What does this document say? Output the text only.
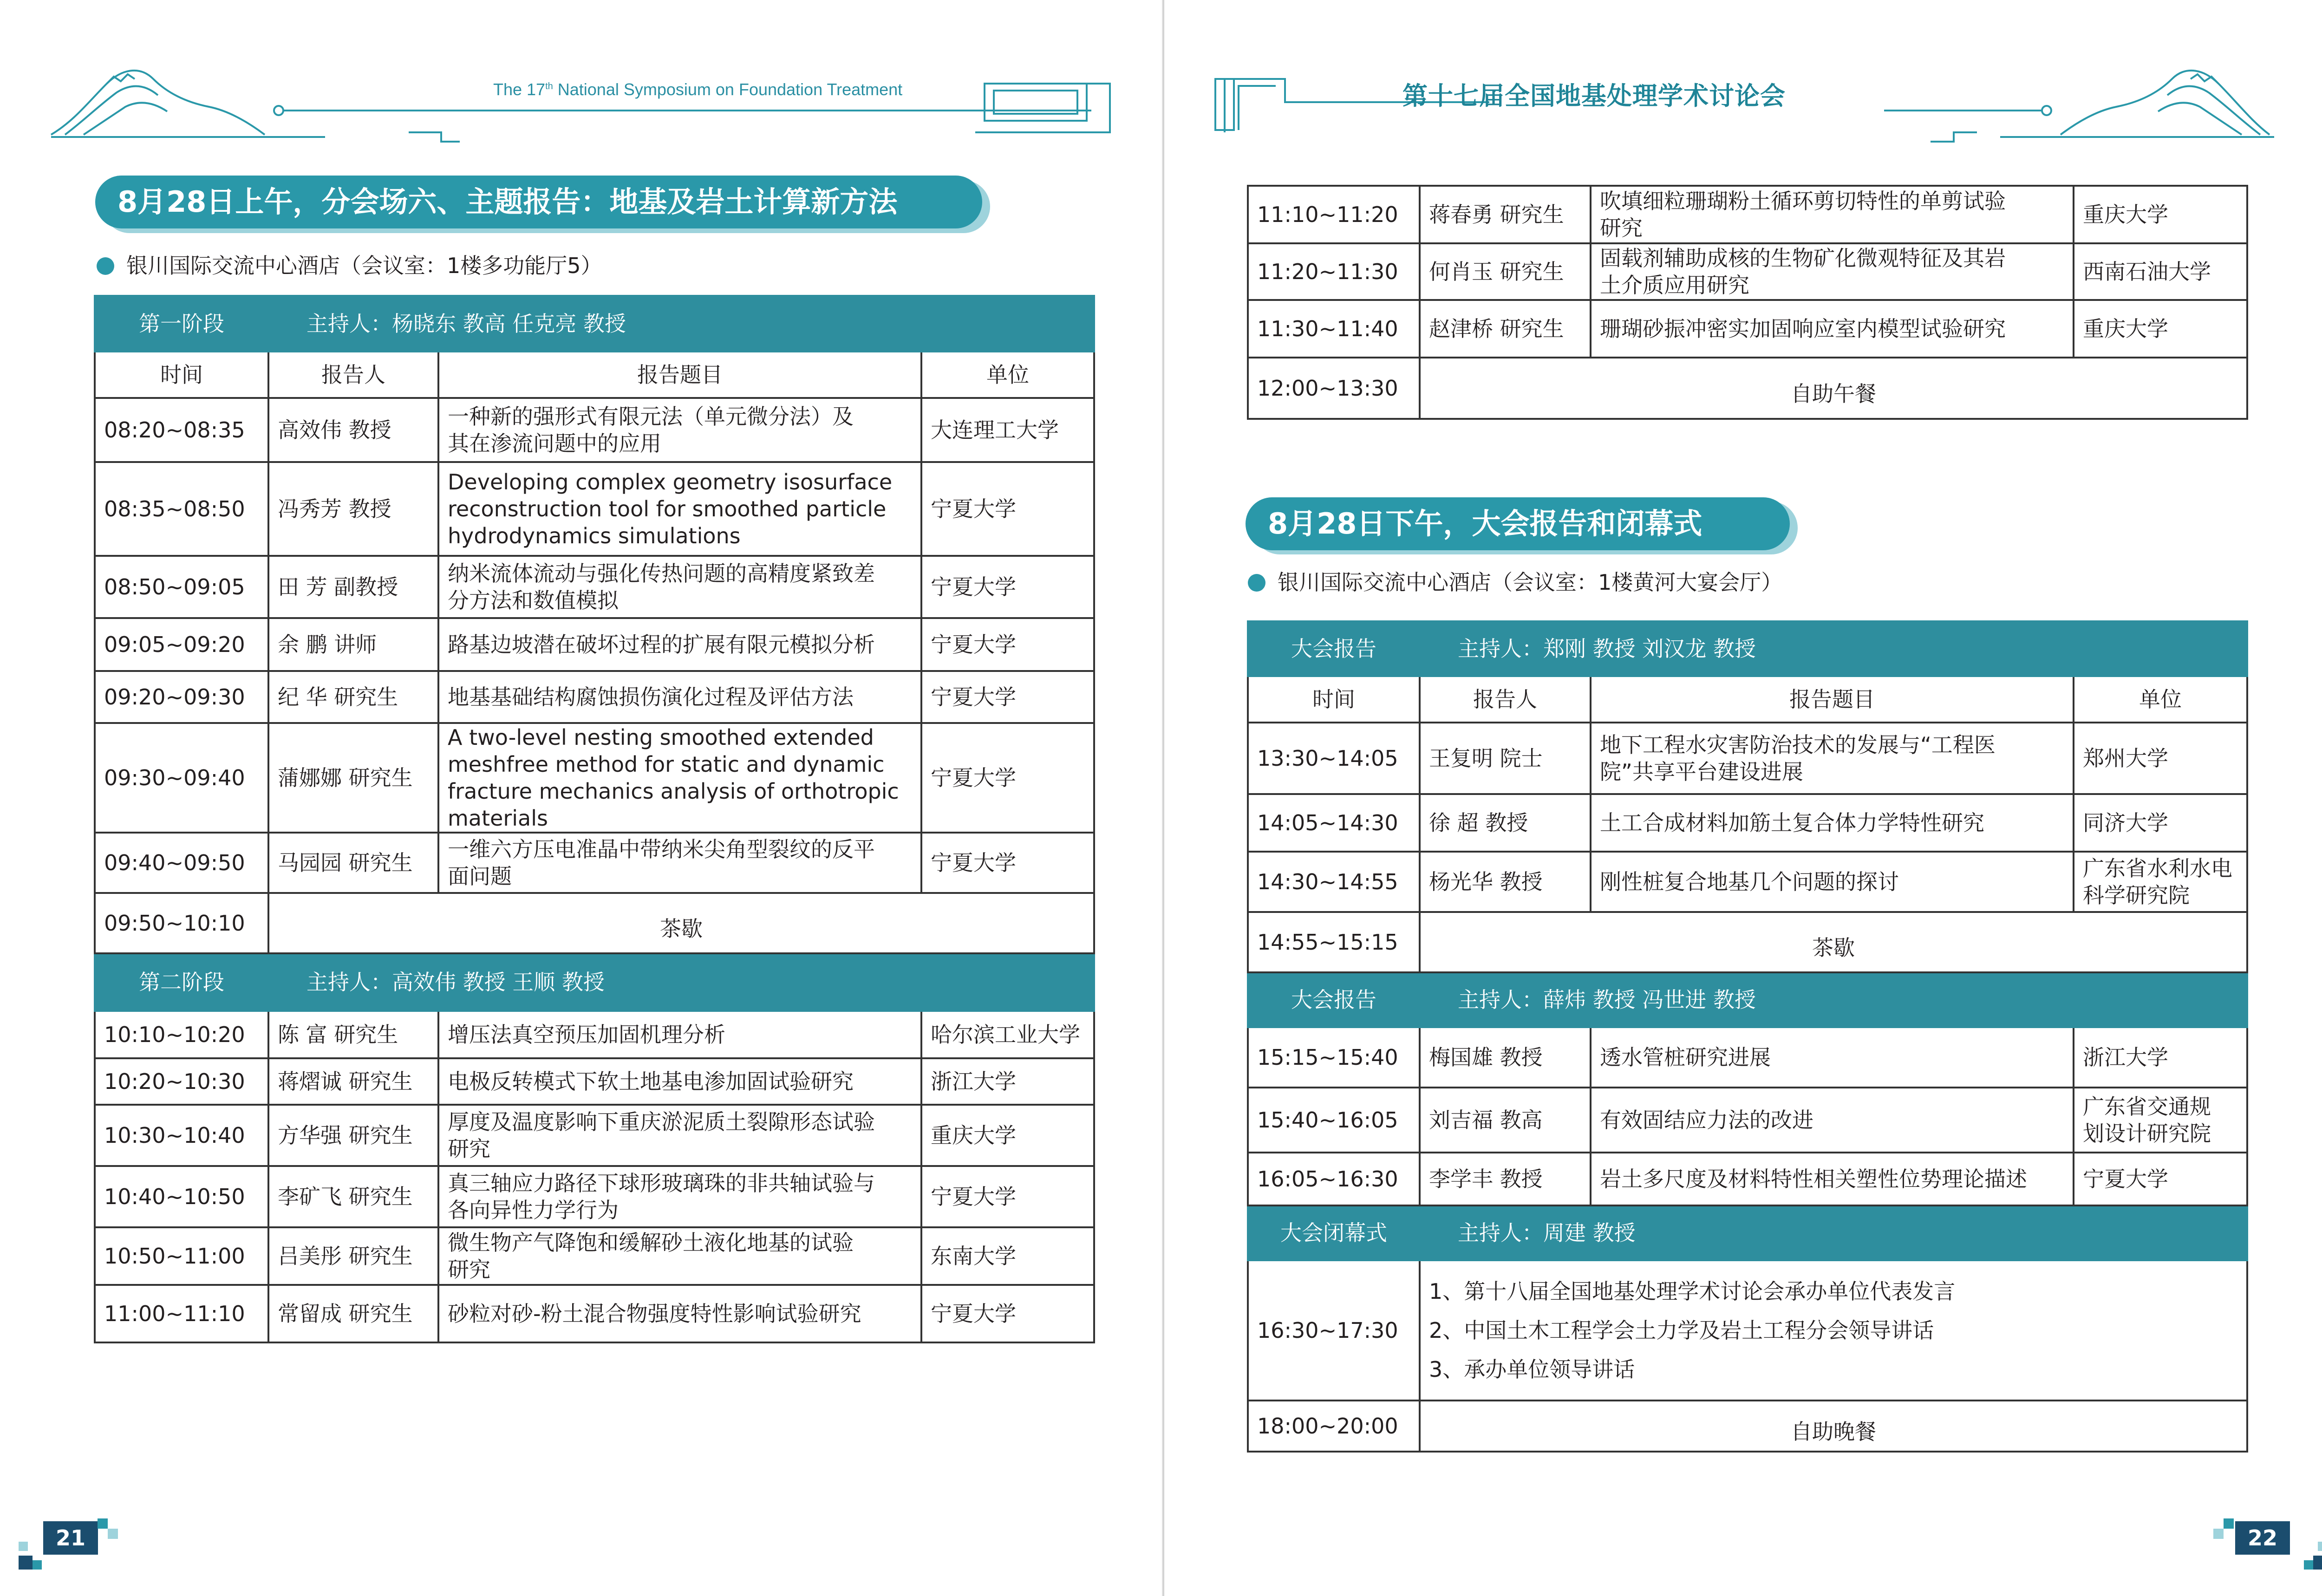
The 17th National Symposium on Foundation Treatment
8月28日上午，分会场六、主题报告：地基及岩土计算新方法
银川国际交流中心酒店（会议室：1楼多功能厅5）
第一阶段	主持人：杨晓东 教高 任克亮 教授		
时间	报告人	报告题目	单位
08:20~08:35	高效伟 教授	一种新的强形式有限元法（单元微分法）及
其在渗流问题中的应用	大连理工大学
08:35~08:50	冯秀芳 教授	Developing complex geometry isosurface
reconstruction tool for smoothed particle
hydrodynamics simulations	宁夏大学
08:50~09:05	田 芳 副教授	纳米流体流动与强化传热问题的高精度紧致差
分方法和数值模拟	宁夏大学
09:05~09:20	余 鹏 讲师	路基边坡潜在破坏过程的扩展有限元模拟分析	宁夏大学
09:20~09:30	纪 华 研究生	地基基础结构腐蚀损伤演化过程及评估方法	宁夏大学
09:30~09:40	蒲娜娜 研究生	A two-level nesting smoothed extended
meshfree method for static and dynamic
fracture mechanics analysis of orthotropic
materials	宁夏大学
09:40~09:50	马园园 研究生	一维六方压电准晶中带纳米尖角型裂纹的反平
面问题	宁夏大学
09:50~10:10	茶歇		
第二阶段	主持人：高效伟 教授 王顺 教授		
10:10~10:20	陈 富 研究生	增压法真空预压加固机理分析	哈尔滨工业大学
10:20~10:30	蒋熠诚 研究生	电极反转模式下软土地基电渗加固试验研究	浙江大学
10:30~10:40	方华强 研究生	厚度及温度影响下重庆淤泥质土裂隙形态试验
研究	重庆大学
10:40~10:50	李矿飞 研究生	真三轴应力路径下球形玻璃珠的非共轴试验与
各向异性力学行为	宁夏大学
10:50~11:00	吕美彤 研究生	微生物产气降饱和缓解砂土液化地基的试验
研究	东南大学
11:00~11:10	常留成 研究生	砂粒对砂-粉土混合物强度特性影响试验研究	宁夏大学
21
第十七届全国地基处理学术讨论会
11:10~11:20	蒋春勇 研究生	吹填细粒珊瑚粉土循环剪切特性的单剪试验
研究	重庆大学
11:20~11:30	何肖玉 研究生	固载剂辅助成核的生物矿化微观特征及其岩
土介质应用研究	西南石油大学
11:30~11:40	赵津桥 研究生	珊瑚砂振冲密实加固响应室内模型试验研究	重庆大学
12:00~13:30	自助午餐		
8月28日下午，大会报告和闭幕式
银川国际交流中心酒店（会议室：1楼黄河大宴会厅）
大会报告	主持人：郑刚 教授 刘汉龙 教授		
时间	报告人	报告题目	单位
13:30~14:05	王复明 院士	地下工程水灾害防治技术的发展与“工程医
院”共享平台建设进展	郑州大学

14:05~14:30	徐 超 教授	土工合成材料加筋土复合体力学特性研究	同济大学

14:30~14:55	杨光华 教授	刚性桩复合地基几个问题的探讨	广东省水利水电
科学研究院

14:55~15:15	茶歇		
大会报告	主持人：薛炜 教授 冯世进 教授		
15:15~15:40	梅国雄 教授	透水管桩研究进展	浙江大学

15:40~16:05	刘吉福 教高	有效固结应力法的改进	广东省交通规
划设计研究院

16:05~16:30	李学丰 教授	岩土多尺度及材料特性相关塑性位势理论描述	宁夏大学

大会闭幕式	主持人：周建 教授		
16:30~17:30	1、第十八届全国地基处理学术讨论会承办单位代表发言
2、中国土木工程学会土力学及岩土工程分会领导讲话
3、承办单位领导讲话		

18:00~20:00	自助晚餐		
22
